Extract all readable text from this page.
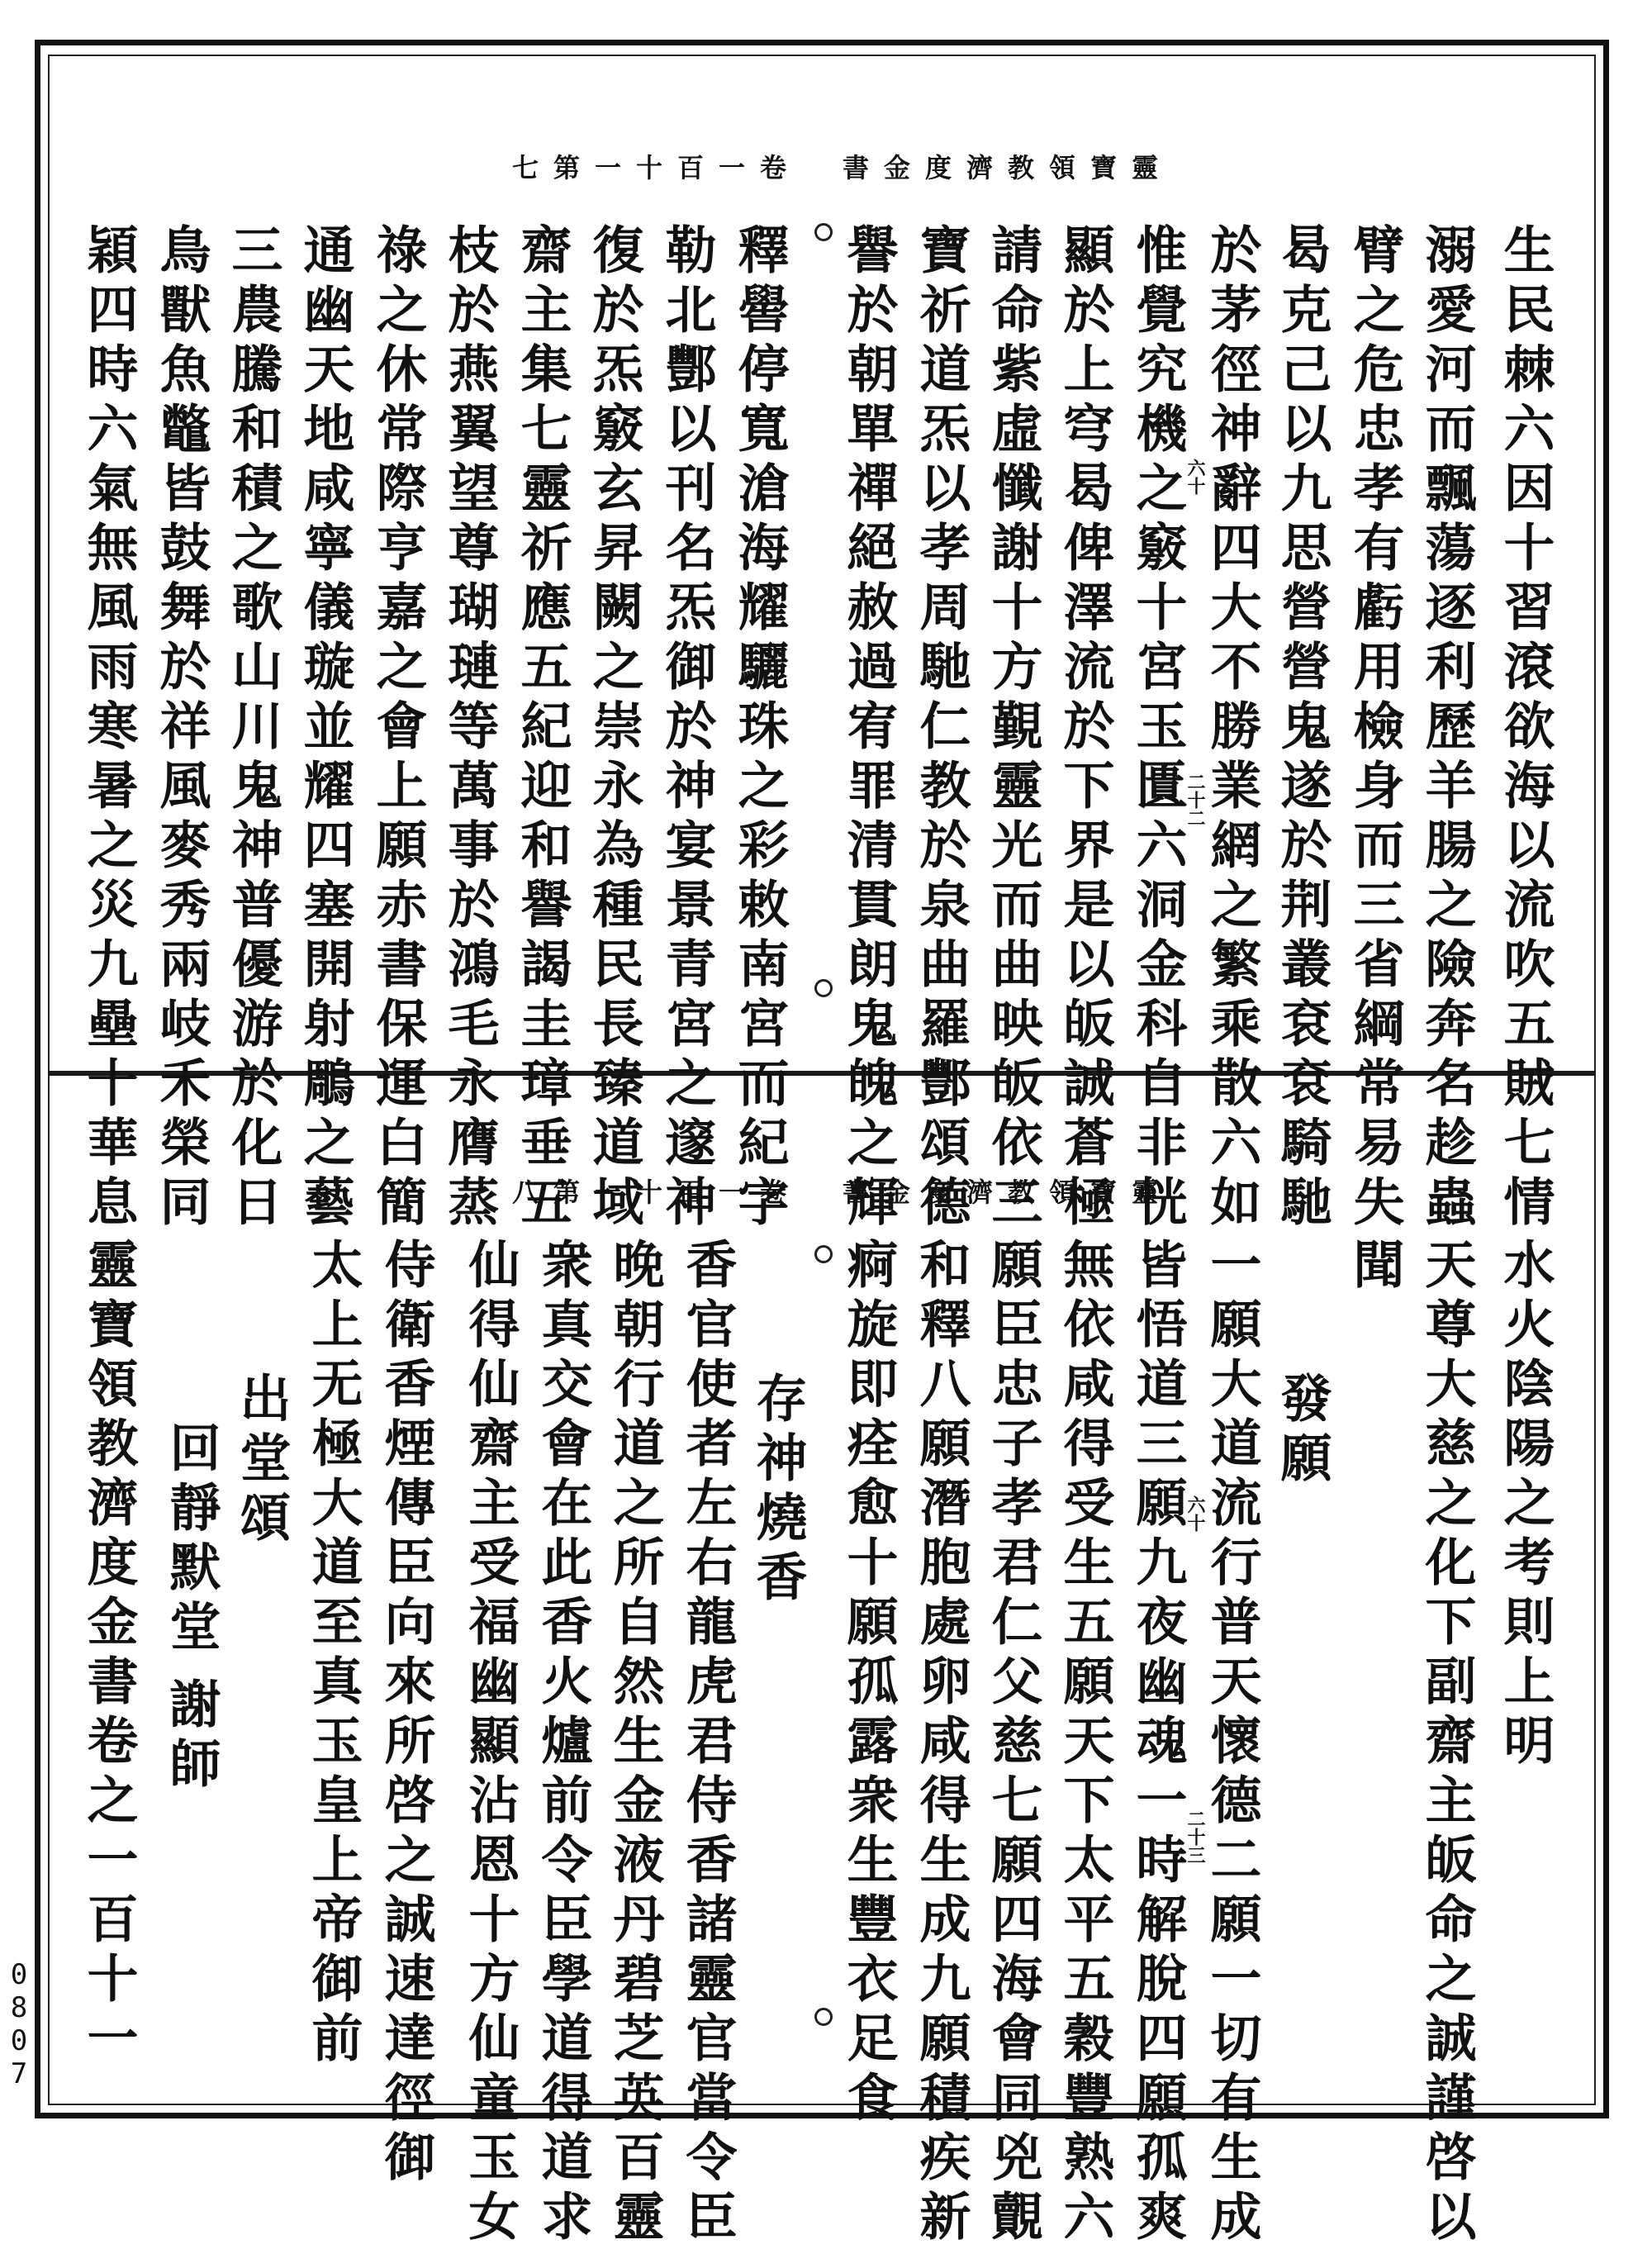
七第一十百一卷　書金度濟教領寶靈
生民棘六因十習滾欲海以流吹五賊七情
溺愛河而飄蕩逐利歷羊腸之險奔名趁蟲
臂之危忠孝有虧用檢身而三省綱常易失
曷克己以九思營營鬼遂於荆叢袞袞騎馳
於茅徑神辭四大不勝業網之繁乘散六如
惟覺究機之竅十宮玉匱六洞金科自非恍
顯於上穹曷俾澤流於下界是以皈誠蒼極
請命紫虛懺謝十方覲靈光而曲映皈依三
寶祈道炁以孝周馳仁教於泉曲羅酆頌德
譽於朝單禪絕赦過宥罪清貫朗鬼魄之輝
釋嚳停寬滄海耀驪珠之彩敕南宮而紀字
勒北酆以刊名炁御於神宴景青宮之邃神
復於炁竅玄昇闕之崇永為種民長臻道域
齋主集七靈祈應五紀迎和譽謁圭璋垂五
枝於燕翼望尊瑚璉等萬事於鴻毛永膺蒸
祿之休常際亨嘉之會上願赤書保運白簡
通幽天地咸寧儀璇並耀四塞開射鵰之藝
三農騰和積之歌山川鬼神普優游於化日
鳥獸魚鼈皆鼓舞於祥風麥秀兩岐禾榮同
穎四時六氣無風雨寒暑之災九壘十華息	六十
二十二
八第一十百一卷　書金度濟教領寶靈
水火陰陽之考則上明
天尊大慈之化下副齋主皈命之誠謹啓以
聞
發願
一願大道流行普天懷德二願一切有生成
皆悟道三願九夜幽魂一時解脫四願孤爽
無依咸得受生五願天下太平五穀豐熟六
願臣忠子孝君仁父慈七願四海會同兇覿
和釋八願潛胞處卵咸得生成九願積疾新
痾旋即痊愈十願孤露衆生豐衣足食
存神燒香
香官使者左右龍虎君侍香諸靈官當令臣
晚朝行道之所自然生金液丹碧芝英百靈
衆真交會在此香火爐前令臣學道得道求
仙得仙齋主受福幽顯沾恩十方仙童玉女
侍衛香煙傳臣向來所啓之誠速達徑御
太上无極大道至真玉皇上帝御前
出堂頌
回靜默堂
謝師
靈寶領教濟度金書卷之一百十一	六十
二十三
0807
